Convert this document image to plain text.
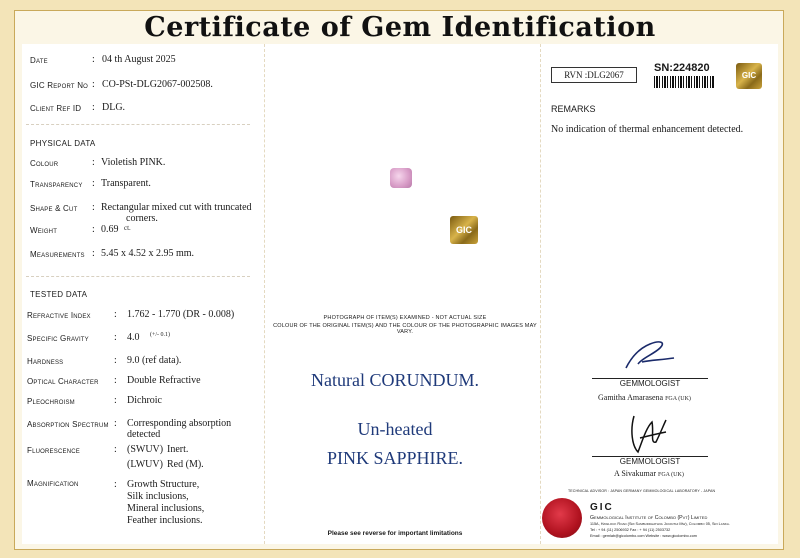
Certificate of Gem Identification
Date	: 04 th August 2025
GIC Report No : CO-PSt-DLG2067-002508.
Client Ref ID : DLG.
PHYSICAL DATA
Colour	: Violetish PINK.
Transparency : Transparent.
Shape & Cut : Rectangular mixed cut with truncated
corners.
Weight	: 0.69 ct.
Measurements : 5.45 x 4.52 x 2.95 mm.
TESTED DATA
Refractive Index : 1.762 - 1.770 (DR - 0.008)
Specific Gravity	: 4.0 (+/- 0.1)
Hardness	: 9.0 (ref data).
Optical Character : Double Refractive
Pleochroism	: Dichroic
Absorption Spectrum : Corresponding absorption
detected
Fluorescence	: (SWUV) Inert.
(LWUV) Red (M).
Magnification	: Growth Structure,
Silk inclusions,
Mineral inclusions,
Feather inclusions.
GIC
PHOTOGRAPH OF ITEM(S) EXAMINED - NOT ACTUAL SIZE
COLOUR OF THE ORIGINAL ITEM(S) AND THE COLOUR OF THE PHOTOGRAPHIC IMAGES MAY VARY.
Natural CORUNDUM.
Un-heated
PINK SAPPHIRE.
Please see reverse for important limitations
RVN :DLG2067
SN:224820
GIC
REMARKS
No indication of thermal enhancement detected.
GEMMOLOGIST
Gamitha Amarasena FGA (UK)
GEMMOLOGIST
A Sivakumar FGA (UK)
TECHNICAL ADVISOR : JAPAN GERMANY GEMMOLOGICAL LABORATORY - JAPAN
GIC
Gemmological Institute of Colombo (Pvt) Limited
115A, Hawlock Road (Sri Sambuddhathva Jayanthi Mw), Colombo 05, Sri Lanka.
Tel : + 94 (11) 2506932 Fax : + 94 (11) 2503732
Email : gemlab@gicolombo.com Website : www.gicolombo.com
